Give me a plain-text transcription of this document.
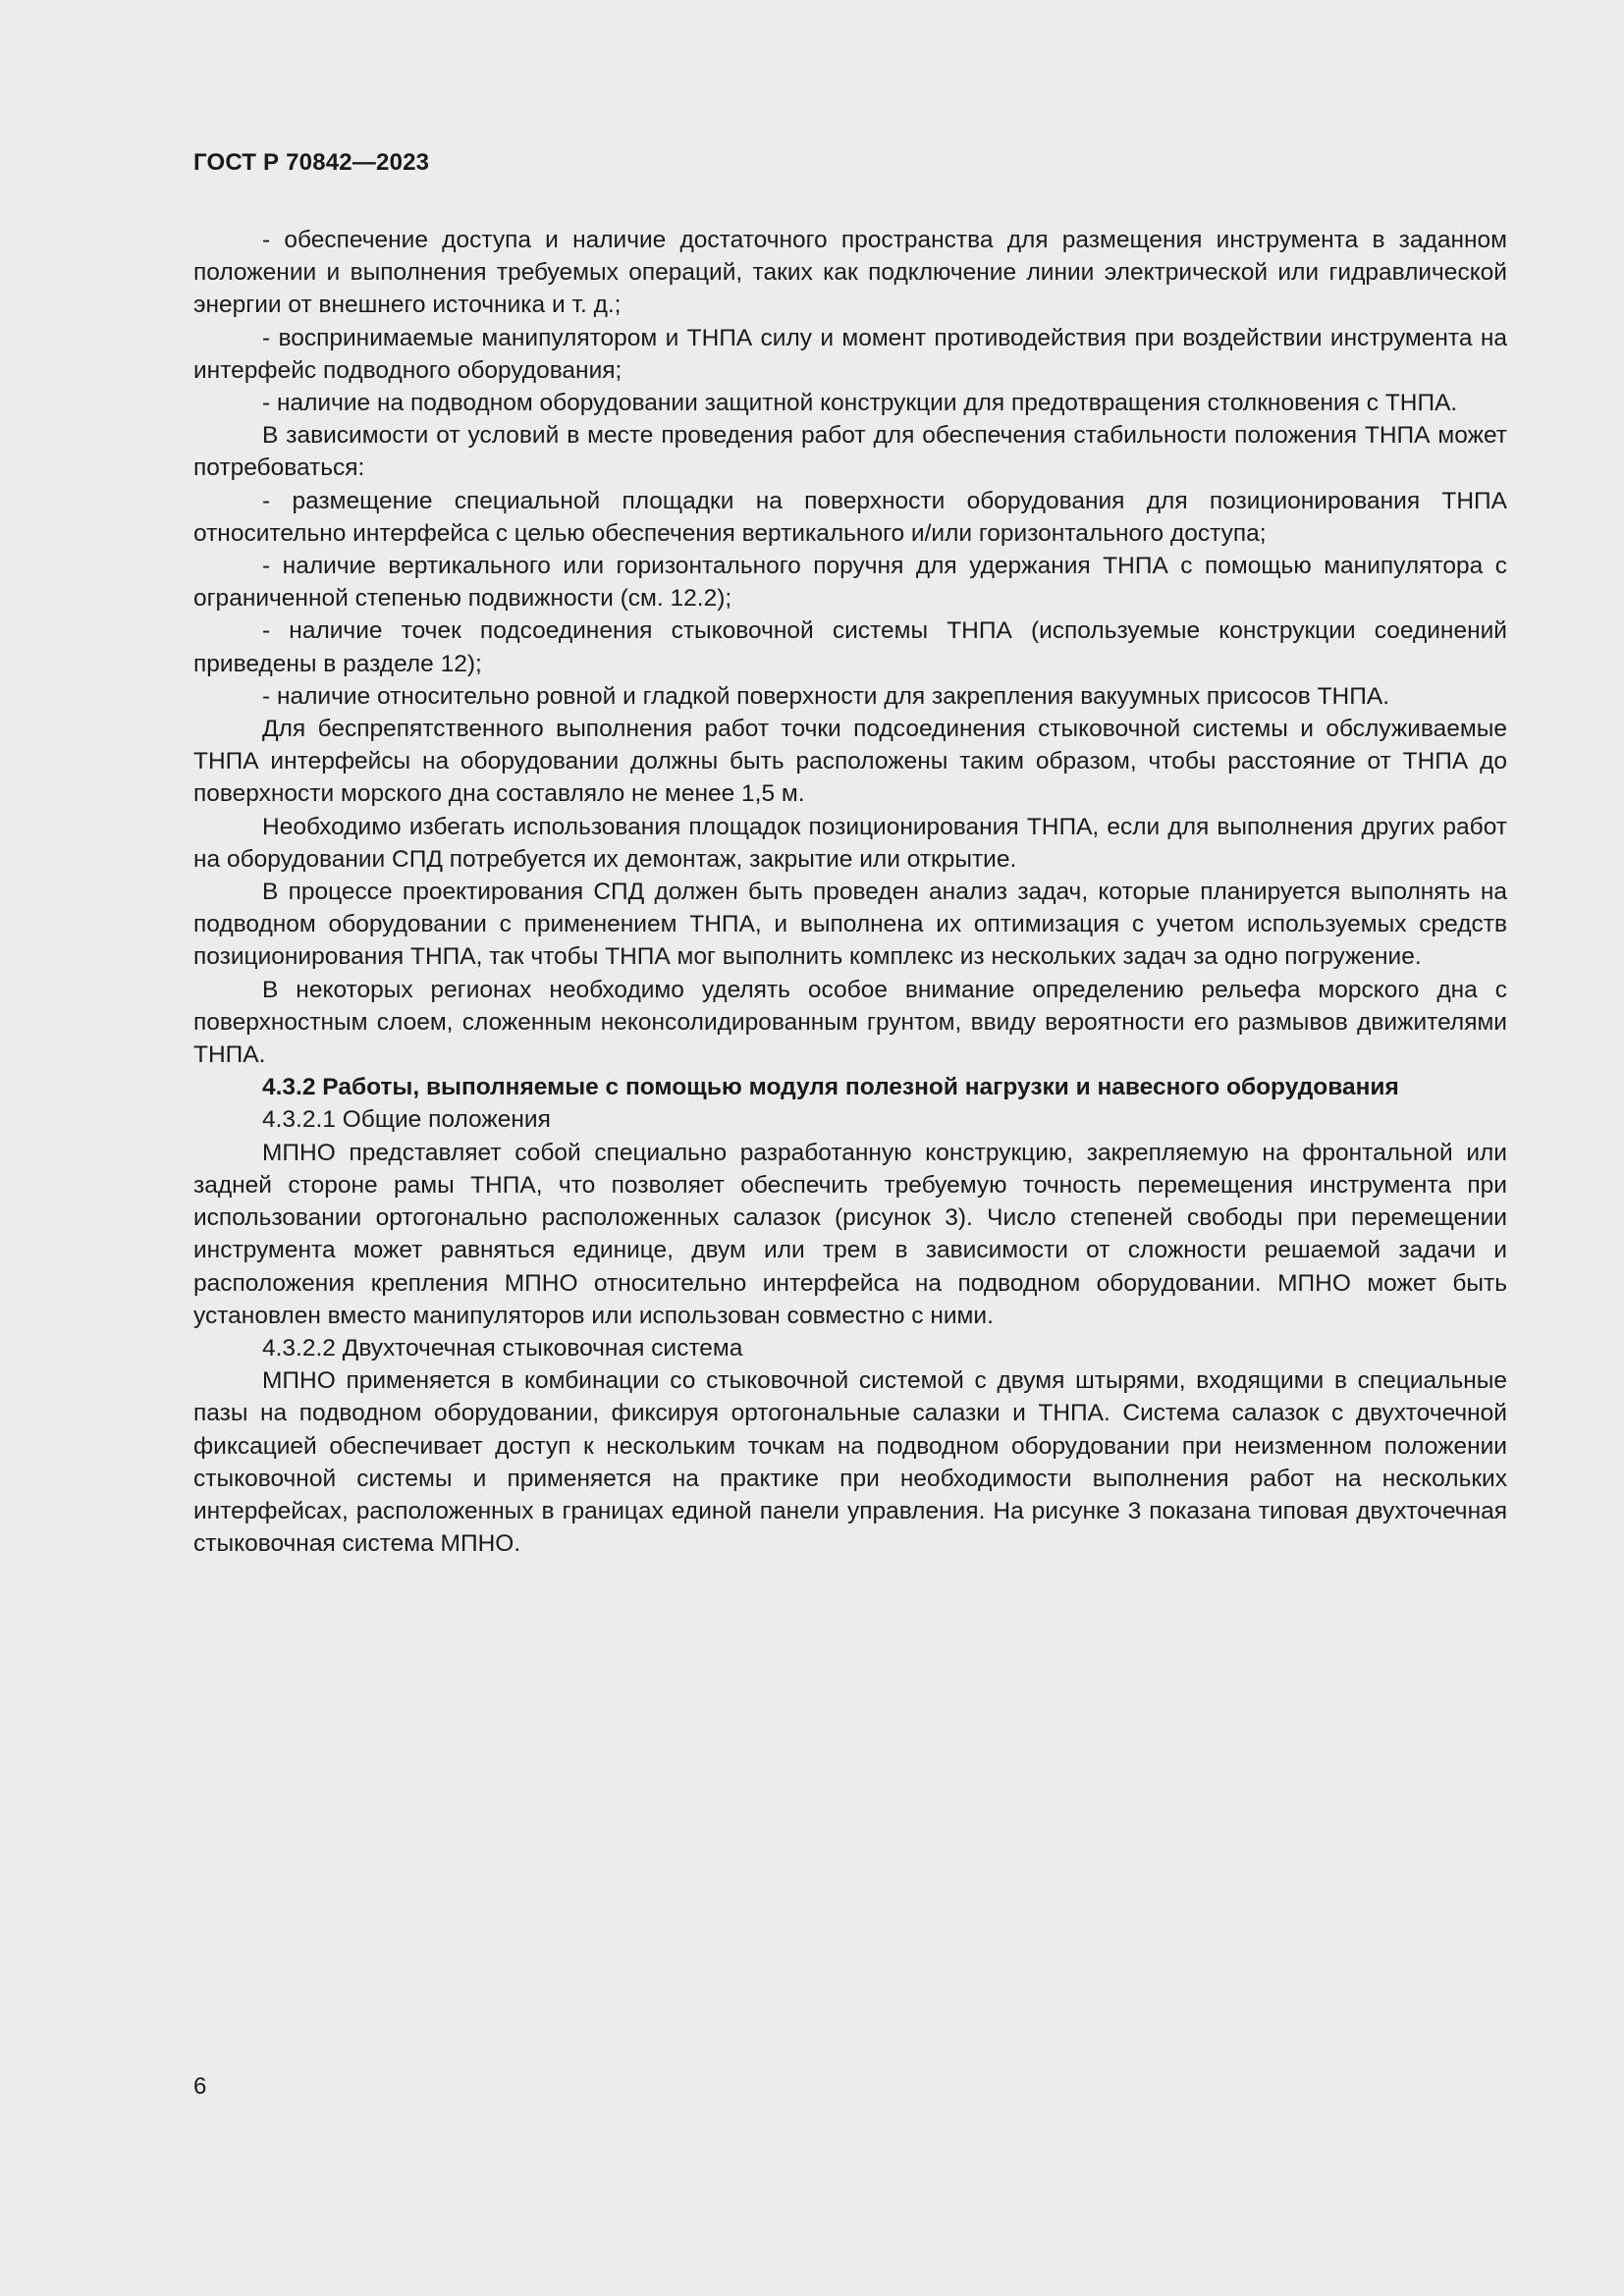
ГОСТ Р 70842—2023

- обеспечение доступа и наличие достаточного пространства для размещения инструмента в заданном положении и выполнения требуемых операций, таких как подключение линии электрической или гидравлической энергии от внешнего источника и т. д.;

- воспринимаемые манипулятором и ТНПА силу и момент противодействия при воздействии инструмента на интерфейс подводного оборудования;

- наличие на подводном оборудовании защитной конструкции для предотвращения столкновения с ТНПА.

В зависимости от условий в месте проведения работ для обеспечения стабильности положения ТНПА может потребоваться:

- размещение специальной площадки на поверхности оборудования для позиционирования ТНПА относительно интерфейса с целью обеспечения вертикального и/или горизонтального доступа;

- наличие вертикального или горизонтального поручня для удержания ТНПА с помощью манипулятора с ограниченной степенью подвижности (см. 12.2);

- наличие точек подсоединения стыковочной системы ТНПА (используемые конструкции соединений приведены в разделе 12);

- наличие относительно ровной и гладкой поверхности для закрепления вакуумных присосов ТНПА.

Для беспрепятственного выполнения работ точки подсоединения стыковочной системы и обслуживаемые ТНПА интерфейсы на оборудовании должны быть расположены таким образом, чтобы расстояние от ТНПА до поверхности морского дна составляло не менее 1,5 м.

Необходимо избегать использования площадок позиционирования ТНПА, если для выполнения других работ на оборудовании СПД потребуется их демонтаж, закрытие или открытие.

В процессе проектирования СПД должен быть проведен анализ задач, которые планируется выполнять на подводном оборудовании с применением ТНПА, и выполнена их оптимизация с учетом используемых средств позиционирования ТНПА, так чтобы ТНПА мог выполнить комплекс из нескольких задач за одно погружение.

В некоторых регионах необходимо уделять особое внимание определению рельефа морского дна с поверхностным слоем, сложенным неконсолидированным грунтом, ввиду вероятности его размывов движителями ТНПА.

4.3.2 Работы, выполняемые с помощью модуля полезной нагрузки и навесного оборудования

4.3.2.1 Общие положения

МПНО представляет собой специально разработанную конструкцию, закрепляемую на фронтальной или задней стороне рамы ТНПА, что позволяет обеспечить требуемую точность перемещения инструмента при использовании ортогонально расположенных салазок (рисунок 3). Число степеней свободы при перемещении инструмента может равняться единице, двум или трем в зависимости от сложности решаемой задачи и расположения крепления МПНО относительно интерфейса на подводном оборудовании. МПНО может быть установлен вместо манипуляторов или использован совместно с ними.

4.3.2.2 Двухточечная стыковочная система

МПНО применяется в комбинации со стыковочной системой с двумя штырями, входящими в специальные пазы на подводном оборудовании, фиксируя ортогональные салазки и ТНПА. Система салазок с двухточечной фиксацией обеспечивает доступ к нескольким точкам на подводном оборудовании при неизменном положении стыковочной системы и применяется на практике при необходимости выполнения работ на нескольких интерфейсах, расположенных в границах единой панели управления. На рисунке 3 показана типовая двухточечная стыковочная система МПНО.

6
